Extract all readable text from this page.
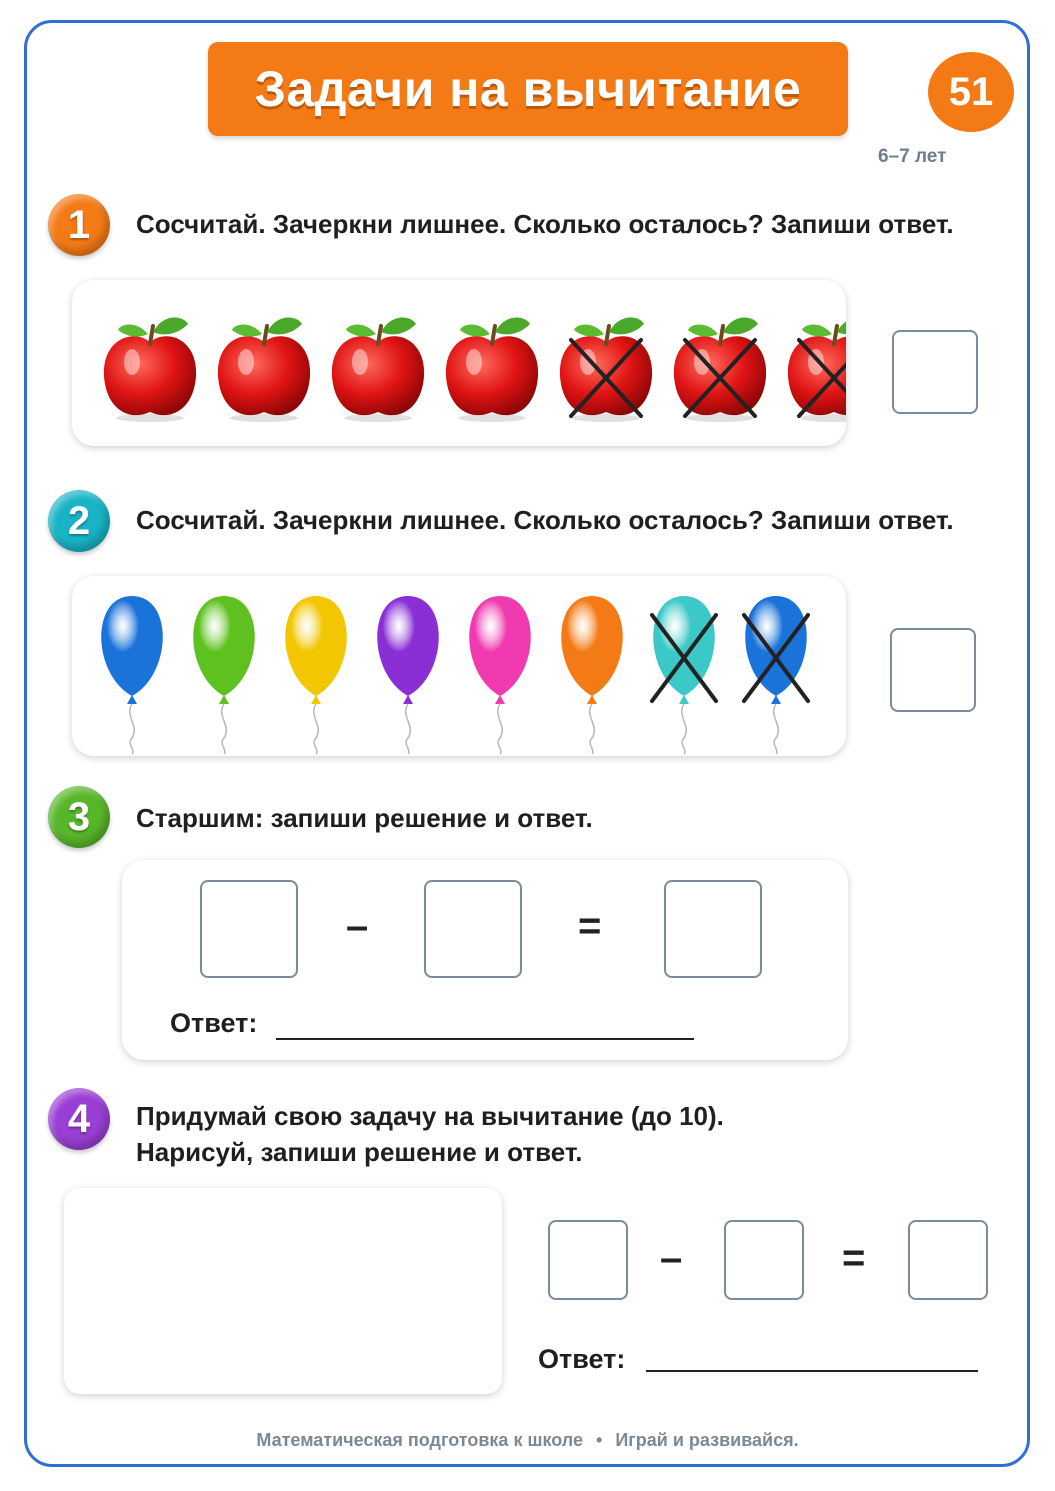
Задачи на вычитание	51
6–7 лет
1 Сосчитай. Зачеркни лишнее. Сколько осталось? Запиши ответ.
2 Сосчитай. Зачеркни лишнее. Сколько осталось? Запиши ответ.
3 Старшим: запиши решение и ответ.
–	=
Ответ:
4 Придумай свою задачу на вычитание (до 10).
Нарисуй, запиши решение и ответ.
–	=
Ответ:
Математическая подготовка к школе • Играй и развивайся.
